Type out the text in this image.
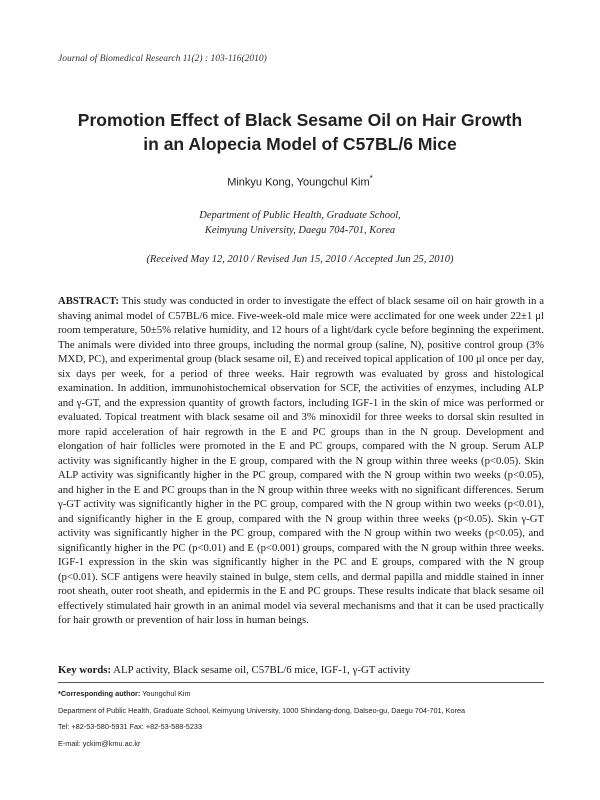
Journal of Biomedical Research 11(2) : 103-116(2010)
Promotion Effect of Black Sesame Oil on Hair Growth
in an Alopecia Model of C57BL/6 Mice
Minkyu Kong, Youngchul Kim*
Department of Public Health, Graduate School,
Keimyung University, Daegu 704-701, Korea
(Received May 12, 2010 / Revised Jun 15, 2010 / Accepted Jun 25, 2010)

ABSTRACT: This study was conducted in order to investigate the effect of black sesame oil on hair growth in a shaving animal model of C57BL/6 mice. Five-week-old male mice were acclimated for one week under 22±1 μl room temperature, 50±5% relative humidity, and 12 hours of a light/dark cycle before beginning the experiment. The animals were divided into three groups, including the normal group (saline, N), positive control group (3% MXD, PC), and experimental group (black sesame oil, E) and received topical application of 100 μl once per day, six days per week, for a period of three weeks. Hair regrowth was evaluated by gross and histological examination. In addition, immunohistochemical observation for SCF, the activities of enzymes, including ALP and γ-GT, and the expression quantity of growth factors, including IGF-1 in the skin of mice was performed or evaluated. Topical treatment with black sesame oil and 3% minoxidil for three weeks to dorsal skin resulted in more rapid acceleration of hair regrowth in the E and PC groups than in the N group. Development and elongation of hair follicles were promoted in the E and PC groups, compared with the N group. Serum ALP activity was significantly higher in the E group, compared with the N group within three weeks (p<0.05). Skin ALP activity was significantly higher in the PC group, compared with the N group within two weeks (p<0.05), and higher in the E and PC groups than in the N group within three weeks with no significant differences. Serum γ-GT activity was significantly higher in the PC group, compared with the N group within two weeks (p<0.01), and significantly higher in the E group, compared with the N group within three weeks (p<0.05). Skin γ-GT activity was significantly higher in the PC group, compared with the N group within two weeks (p<0.05), and significantly higher in the PC (p<0.01) and E (p<0.001) groups, compared with the N group within three weeks. IGF-1 expression in the skin was significantly higher in the PC and E groups, compared with the N group (p<0.01). SCF antigens were heavily stained in bulge, stem cells, and dermal papilla and middle stained in inner root sheath, outer root sheath, and epidermis in the E and PC groups. These results indicate that black sesame oil effectively stimulated hair growth in an animal model via several mechanisms and that it can be used practically for hair growth or prevention of hair loss in human beings.

Key words: ALP activity, Black sesame oil, C57BL/6 mice, IGF-1, γ-GT activity
*Corresponding author: Youngchul Kim
Department of Public Health, Graduate School, Keimyung University, 1000 Shindang-dong, Dalseo-gu, Daegu 704-701, Korea
Tel: +82-53-580-5931 Fax: +82-53-588-5233
E-mail: yckim@kmu.ac.kr
